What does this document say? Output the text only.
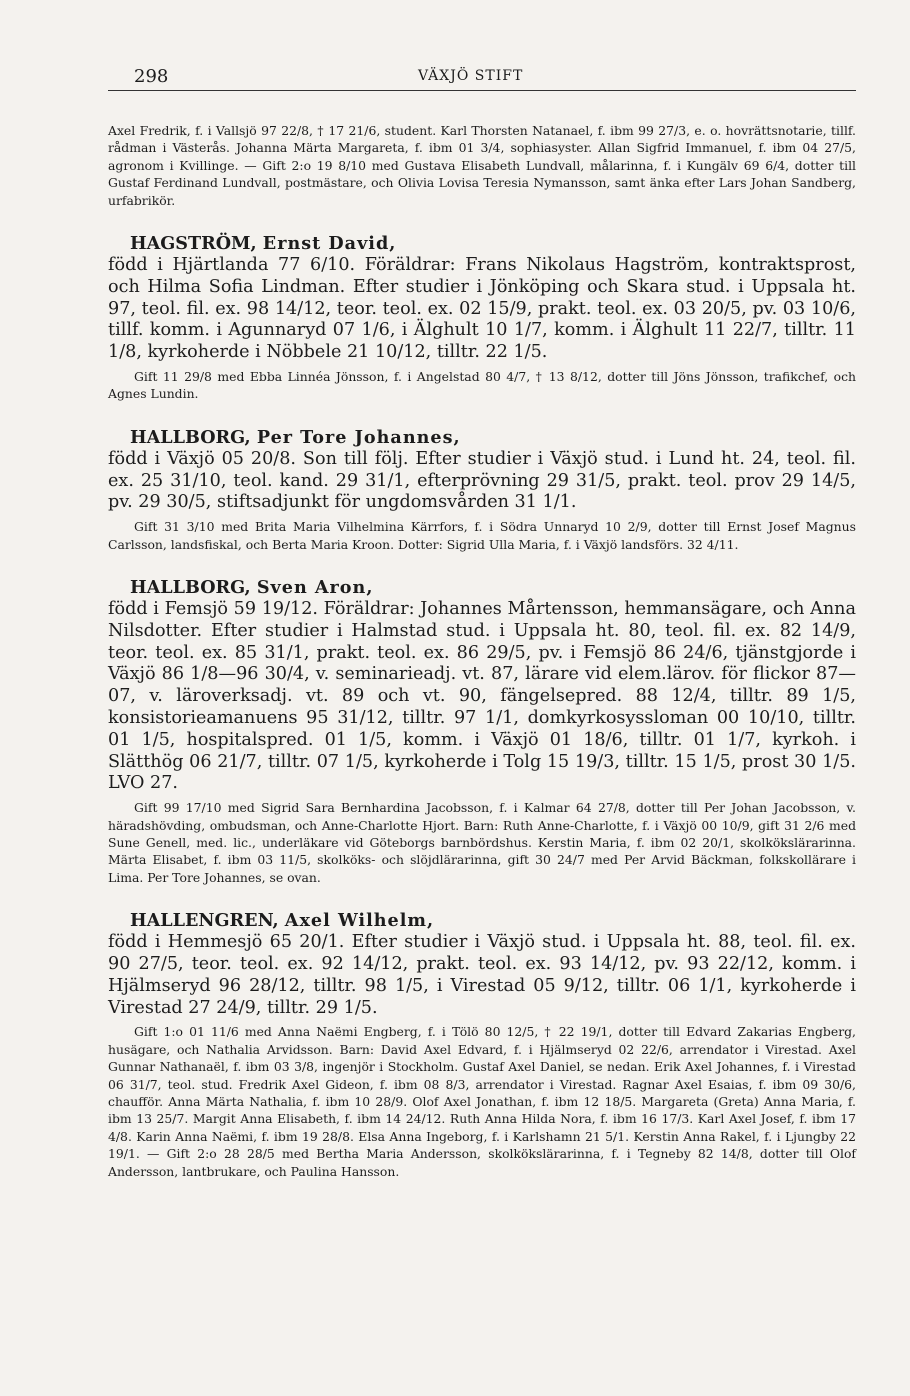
298	VÄXJÖ STIFT

Axel Fredrik, f. i Vallsjö 97 22/8, † 17 21/6, student. Karl Thorsten Natanael, f. ibm 99 27/3, e. o. hovrättsnotarie, tillf. rådman i Västerås. Johanna Märta Margareta, f. ibm 01 3/4, sophiasyster. Allan Sigfrid Immanuel, f. ibm 04 27/5, agronom i Kvillinge. — Gift 2:o 19 8/10 med Gustava Elisabeth Lundvall, målarinna, f. i Kungälv 69 6/4, dotter till Gustaf Ferdinand Lundvall, postmästare, och Olivia Lovisa Teresia Nymansson, samt änka efter Lars Johan Sandberg, urfabrikör.

HAGSTRÖM, Ernst David,

född i Hjärtlanda 77 6/10. Föräldrar: Frans Nikolaus Hagström, kontraktsprost, och Hilma Sofia Lindman. Efter studier i Jönköping och Skara stud. i Uppsala ht. 97, teol. fil. ex. 98 14/12, teor. teol. ex. 02 15/9, prakt. teol. ex. 03 20/5, pv. 03 10/6, tillf. komm. i Agunnaryd 07 1/6, i Älghult 10 1/7, komm. i Älghult 11 22/7, tilltr. 11 1/8, kyrkoherde i Nöbbele 21 10/12, tilltr. 22 1/5.

Gift 11 29/8 med Ebba Linnéa Jönsson, f. i Angelstad 80 4/7, † 13 8/12, dotter till Jöns Jönsson, trafikchef, och Agnes Lundin.

HALLBORG, Per Tore Johannes,

född i Växjö 05 20/8. Son till följ. Efter studier i Växjö stud. i Lund ht. 24, teol. fil. ex. 25 31/10, teol. kand. 29 31/1, efterprövning 29 31/5, prakt. teol. prov 29 14/5, pv. 29 30/5, stiftsadjunkt för ungdomsvården 31 1/1.

Gift 31 3/10 med Brita Maria Vilhelmina Kärrfors, f. i Södra Unnaryd 10 2/9, dotter till Ernst Josef Magnus Carlsson, landsfiskal, och Berta Maria Kroon. Dotter: Sigrid Ulla Maria, f. i Växjö landsförs. 32 4/11.

HALLBORG, Sven Aron,

född i Femsjö 59 19/12. Föräldrar: Johannes Mårtensson, hemmansägare, och Anna Nilsdotter. Efter studier i Halmstad stud. i Uppsala ht. 80, teol. fil. ex. 82 14/9, teor. teol. ex. 85 31/1, prakt. teol. ex. 86 29/5, pv. i Femsjö 86 24/6, tjänstgjorde i Växjö 86 1/8—96 30/4, v. seminarieadj. vt. 87, lärare vid elem.lärov. för flickor 87—07, v. läroverksadj. vt. 89 och vt. 90, fängelsepred. 88 12/4, tilltr. 89 1/5, konsistorieamanuens 95 31/12, tilltr. 97 1/1, domkyrkosyssloman 00 10/10, tilltr. 01 1/5, hospitalspred. 01 1/5, komm. i Växjö 01 18/6, tilltr. 01 1/7, kyrkoh. i Slätthög 06 21/7, tilltr. 07 1/5, kyrkoherde i Tolg 15 19/3, tilltr. 15 1/5, prost 30 1/5. LVO 27.

Gift 99 17/10 med Sigrid Sara Bernhardina Jacobsson, f. i Kalmar 64 27/8, dotter till Per Johan Jacobsson, v. häradshövding, ombudsman, och Anne-Charlotte Hjort. Barn: Ruth Anne-Charlotte, f. i Växjö 00 10/9, gift 31 2/6 med Sune Genell, med. lic., underläkare vid Göteborgs barnbördshus. Kerstin Maria, f. ibm 02 20/1, skolkökslärarinna. Märta Elisabet, f. ibm 03 11/5, skolköks- och slöjdlärarinna, gift 30 24/7 med Per Arvid Bäckman, folkskollärare i Lima. Per Tore Johannes, se ovan.

HALLENGREN, Axel Wilhelm,

född i Hemmesjö 65 20/1. Efter studier i Växjö stud. i Uppsala ht. 88, teol. fil. ex. 90 27/5, teor. teol. ex. 92 14/12, prakt. teol. ex. 93 14/12, pv. 93 22/12, komm. i Hjälmseryd 96 28/12, tilltr. 98 1/5, i Virestad 05 9/12, tilltr. 06 1/1, kyrkoherde i Virestad 27 24/9, tilltr. 29 1/5.

Gift 1:o 01 11/6 med Anna Naëmi Engberg, f. i Tölö 80 12/5, † 22 19/1, dotter till Edvard Zakarias Engberg, husägare, och Nathalia Arvidsson. Barn: David Axel Edvard, f. i Hjälmseryd 02 22/6, arrendator i Virestad. Axel Gunnar Nathanaël, f. ibm 03 3/8, ingenjör i Stockholm. Gustaf Axel Daniel, se nedan. Erik Axel Johannes, f. i Virestad 06 31/7, teol. stud. Fredrik Axel Gideon, f. ibm 08 8/3, arrendator i Virestad. Ragnar Axel Esaias, f. ibm 09 30/6, chaufför. Anna Märta Nathalia, f. ibm 10 28/9. Olof Axel Jonathan, f. ibm 12 18/5. Margareta (Greta) Anna Maria, f. ibm 13 25/7. Margit Anna Elisabeth, f. ibm 14 24/12. Ruth Anna Hilda Nora, f. ibm 16 17/3. Karl Axel Josef, f. ibm 17 4/8. Karin Anna Naëmi, f. ibm 19 28/8. Elsa Anna Ingeborg, f. i Karlshamn 21 5/1. Kerstin Anna Rakel, f. i Ljungby 22 19/1. — Gift 2:o 28 28/5 med Bertha Maria Andersson, skolkökslärarinna, f. i Tegneby 82 14/8, dotter till Olof Andersson, lantbrukare, och Paulina Hansson.
